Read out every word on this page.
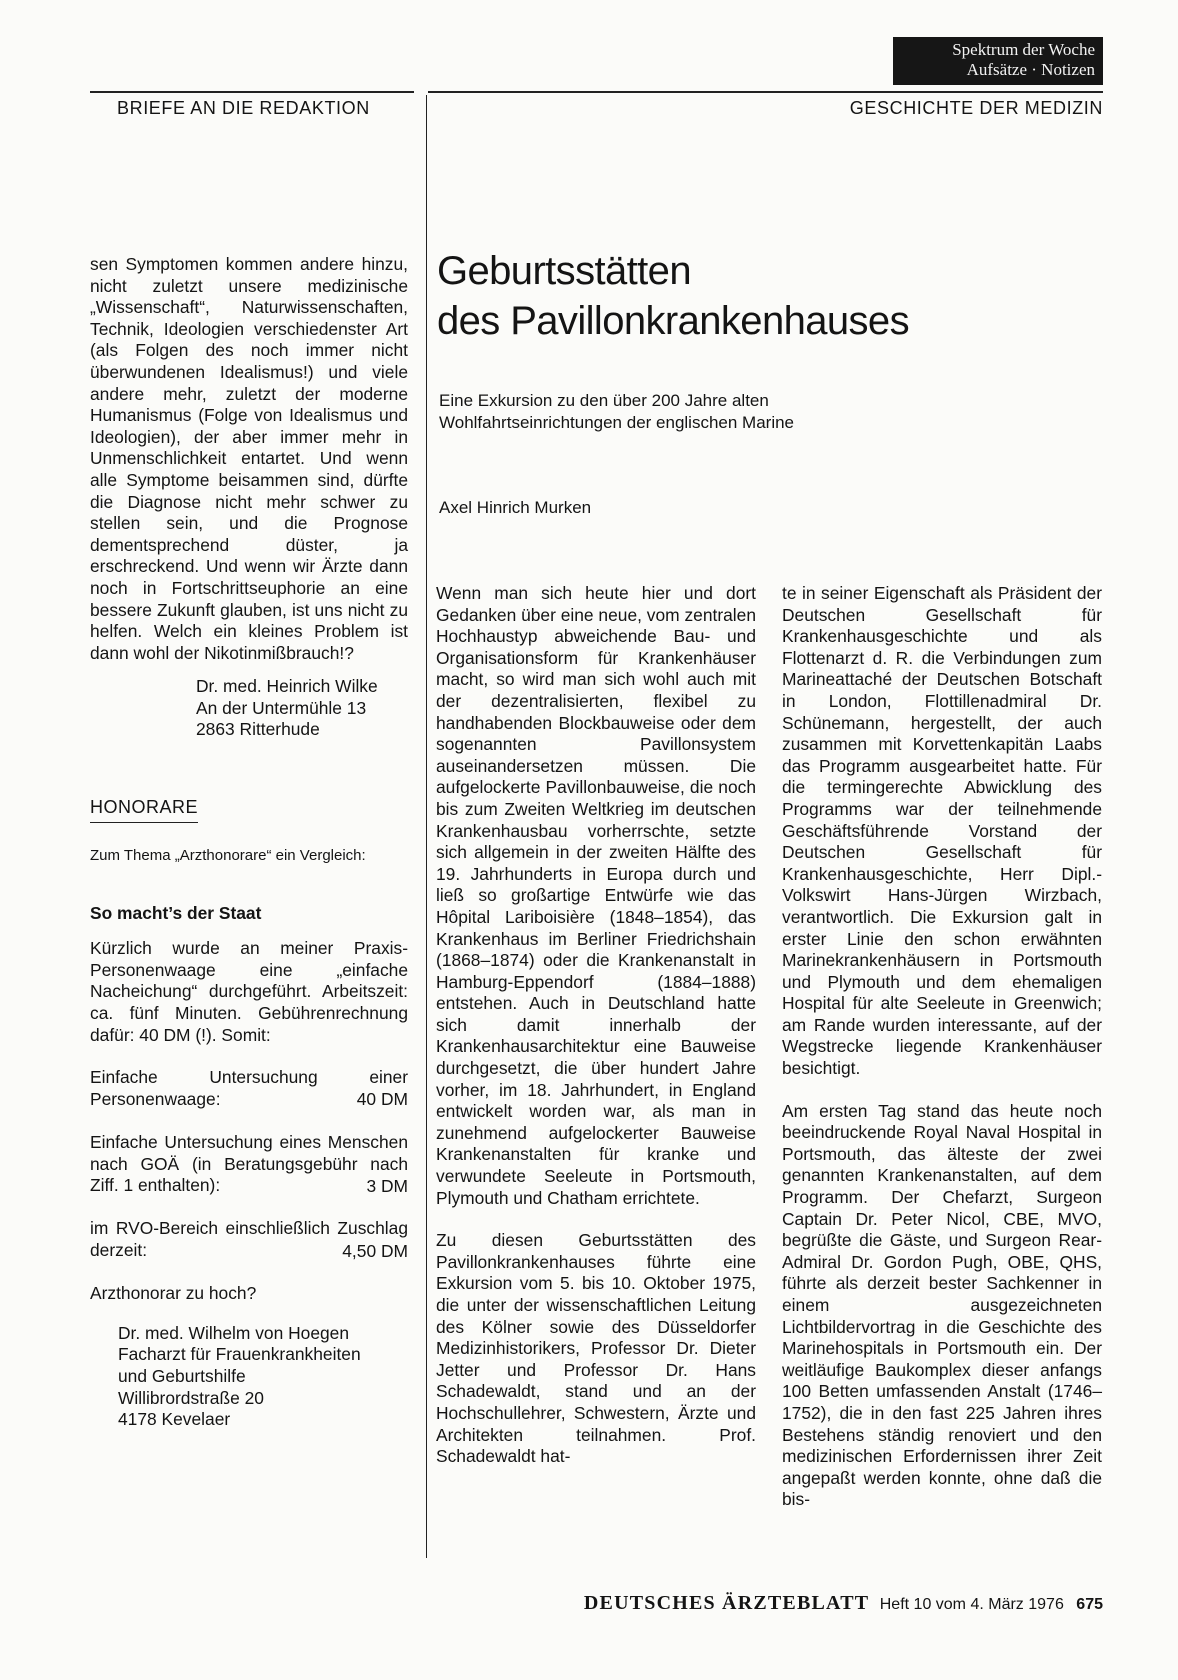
Spektrum der Woche
Aufsätze · Notizen
BRIEFE AN DIE REDAKTION	GESCHICHTE DER MEDIZIN

sen Symptomen kommen andere hinzu, nicht zuletzt unsere medizinische „Wissenschaft“, Naturwissenschaften, Technik, Ideologien verschiedenster Art (als Folgen des noch immer nicht überwundenen Idealismus!) und viele andere mehr, zuletzt der moderne Humanismus (Folge von Idealismus und Ideologien), der aber immer mehr in Unmenschlichkeit entartet. Und wenn alle Symptome beisammen sind, dürfte die Diagnose nicht mehr schwer zu stellen sein, und die Prognose dementsprechend düster, ja erschreckend. Und wenn wir Ärzte dann noch in Fortschrittseuphorie an eine bessere Zukunft glauben, ist uns nicht zu helfen. Welch ein kleines Problem ist dann wohl der Nikotinmißbrauch!?

Dr. med. Heinrich Wilke
An der Untermühle 13
2863 Ritterhude
HONORARE

Zum Thema „Arzthonorare“ ein Vergleich:

So macht’s der Staat

Kürzlich wurde an meiner Praxis-Personenwaage eine „einfache Nacheichung“ durchgeführt. Arbeitszeit: ca. fünf Minuten. Gebührenrechnung dafür: 40 DM (!). Somit:

Einfache Untersuchung einer Personenwaage:	40 DM

Einfache Untersuchung eines Menschen nach GOÄ (in Beratungsgebühr nach Ziff. 1 enthalten):	3 DM

im RVO-Bereich einschließlich Zuschlag derzeit:	4,50 DM

Arzthonorar zu hoch?

Dr. med. Wilhelm von Hoegen
Facharzt für Frauenkrankheiten
und Geburtshilfe
Willibrordstraße 20
4178 Kevelaer
Geburtsstätten
des Pavillonkrankenhauses
Eine Exkursion zu den über 200 Jahre alten
Wohlfahrtseinrichtungen der englischen Marine
Axel Hinrich Murken

Wenn man sich heute hier und dort Gedanken über eine neue, vom zentralen Hochhaustyp abweichende Bau- und Organisationsform für Krankenhäuser macht, so wird man sich wohl auch mit der dezentralisierten, flexibel zu handhabenden Blockbauweise oder dem sogenannten Pavillonsystem auseinandersetzen müssen. Die aufgelockerte Pavillonbauweise, die noch bis zum Zweiten Weltkrieg im deutschen Krankenhausbau vorherrschte, setzte sich allgemein in der zweiten Hälfte des 19. Jahrhunderts in Europa durch und ließ so großartige Entwürfe wie das Hôpital Lariboisière (1848–1854), das Krankenhaus im Berliner Friedrichshain (1868–1874) oder die Krankenanstalt in Hamburg-Eppendorf (1884–1888) entstehen. Auch in Deutschland hatte sich damit innerhalb der Krankenhausarchitektur eine Bauweise durchgesetzt, die über hundert Jahre vorher, im 18. Jahrhundert, in England entwickelt worden war, als man in zunehmend aufgelockerter Bauweise Krankenanstalten für kranke und verwundete Seeleute in Portsmouth, Plymouth und Chatham errichtete.

Zu diesen Geburtsstätten des Pavillonkrankenhauses führte eine Exkursion vom 5. bis 10. Oktober 1975, die unter der wissenschaftlichen Leitung des Kölner sowie des Düsseldorfer Medizinhistorikers, Professor Dr. Dieter Jetter und Professor Dr. Hans Schadewaldt, stand und an der Hochschullehrer, Schwestern, Ärzte und Architekten teilnahmen. Prof. Schadewaldt hat-

te in seiner Eigenschaft als Präsident der Deutschen Gesellschaft für Krankenhausgeschichte und als Flottenarzt d. R. die Verbindungen zum Marineattaché der Deutschen Botschaft in London, Flottillenadmiral Dr. Schünemann, hergestellt, der auch zusammen mit Korvettenkapitän Laabs das Programm ausgearbeitet hatte. Für die termingerechte Abwicklung des Programms war der teilnehmende Geschäftsführende Vorstand der Deutschen Gesellschaft für Krankenhausgeschichte, Herr Dipl.-Volkswirt Hans-Jürgen Wirzbach, verantwortlich. Die Exkursion galt in erster Linie den schon erwähnten Marinekrankenhäusern in Portsmouth und Plymouth und dem ehemaligen Hospital für alte Seeleute in Greenwich; am Rande wurden interessante, auf der Wegstrecke liegende Krankenhäuser besichtigt.

Am ersten Tag stand das heute noch beeindruckende Royal Naval Hospital in Portsmouth, das älteste der zwei genannten Krankenanstalten, auf dem Programm. Der Chefarzt, Surgeon Captain Dr. Peter Nicol, CBE, MVO, begrüßte die Gäste, und Surgeon Rear-Admiral Dr. Gordon Pugh, OBE, QHS, führte als derzeit bester Sachkenner in einem ausgezeichneten Lichtbildervortrag in die Geschichte des Marinehospitals in Portsmouth ein. Der weitläufige Baukomplex dieser anfangs 100 Betten umfassenden Anstalt (1746–1752), die in den fast 225 Jahren ihres Bestehens ständig renoviert und den medizinischen Erfordernissen ihrer Zeit angepaßt werden konnte, ohne daß die bis-

DEUTSCHES ÄRZTEBLATT Heft 10 vom 4. März 1976 675
